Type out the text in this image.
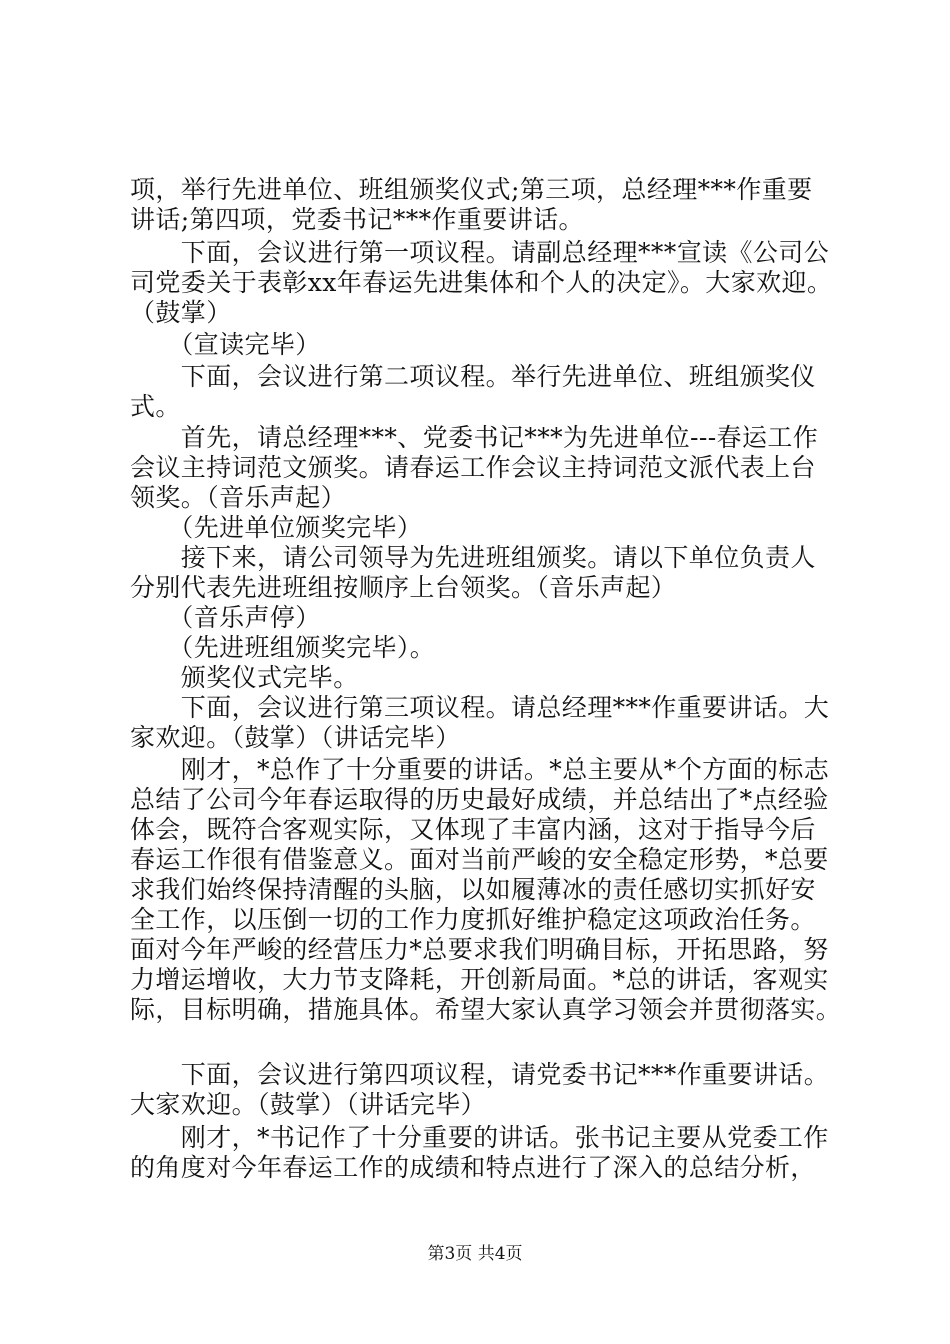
项，举行先进单位、班组颁奖仪式;第三项，总经理***作重要
讲话;第四项，党委书记***作重要讲话。
　　下面，会议进行第一项议程。请副总经理***宣读《公司公
司党委关于表彰xx年春运先进集体和个人的决定》。大家欢迎。
（鼓掌）
　　（宣读完毕）
　　下面，会议进行第二项议程。举行先进单位、班组颁奖仪
式。
　　首先，请总经理***、党委书记***为先进单位---春运工作
会议主持词范文颁奖。请春运工作会议主持词范文派代表上台
领奖。（音乐声起）
　　（先进单位颁奖完毕）
　　接下来，请公司领导为先进班组颁奖。请以下单位负责人
分别代表先进班组按顺序上台领奖。（音乐声起）
　　（音乐声停）
　　（先进班组颁奖完毕）。
　　颁奖仪式完毕。
　　下面，会议进行第三项议程。请总经理***作重要讲话。大
家欢迎。（鼓掌）（讲话完毕）
　　刚才，*总作了十分重要的讲话。*总主要从*个方面的标志
总结了公司今年春运取得的历史最好成绩，并总结出了*点经验
体会，既符合客观实际，又体现了丰富内涵，这对于指导今后
春运工作很有借鉴意义。面对当前严峻的安全稳定形势，*总要
求我们始终保持清醒的头脑，以如履薄冰的责任感切实抓好安
全工作，以压倒一切的工作力度抓好维护稳定这项政治任务。
面对今年严峻的经营压力*总要求我们明确目标，开拓思路，努
力增运增收，大力节支降耗，开创新局面。*总的讲话，客观实
际，目标明确，措施具体。希望大家认真学习领会并贯彻落实。
　　下面，会议进行第四项议程，请党委书记***作重要讲话。
大家欢迎。（鼓掌）（讲话完毕）
　　刚才，*书记作了十分重要的讲话。张书记主要从党委工作
的角度对今年春运工作的成绩和特点进行了深入的总结分析，
第3页 共4页
